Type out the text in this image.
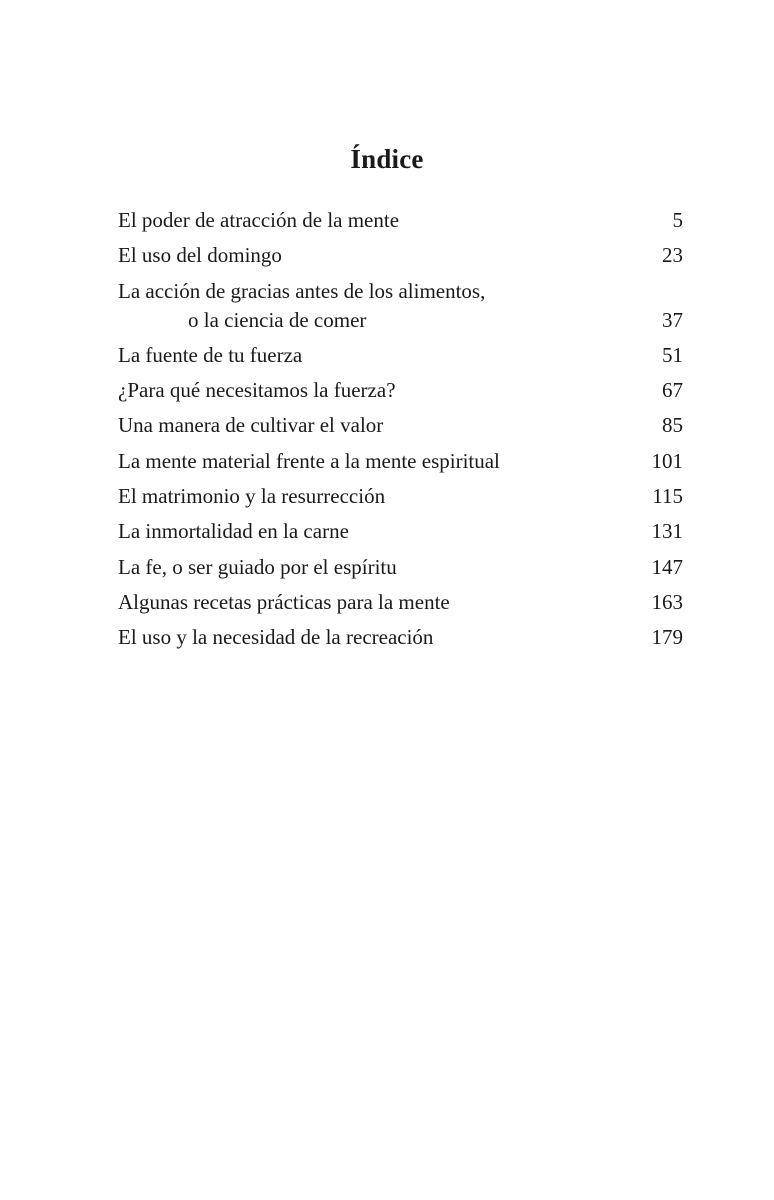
Índice
El poder de atracción de la mente	5
El uso del domingo	23
La acción de gracias antes de los alimentos,
o la ciencia de comer	37
La fuente de tu fuerza	51
¿Para qué necesitamos la fuerza?	67
Una manera de cultivar el valor	85
La mente material frente a la mente espiritual	101
El matrimonio y la resurrección	115
La inmortalidad en la carne	131
La fe, o ser guiado por el espíritu	147
Algunas recetas prácticas para la mente	163
El uso y la necesidad de la recreación	179
